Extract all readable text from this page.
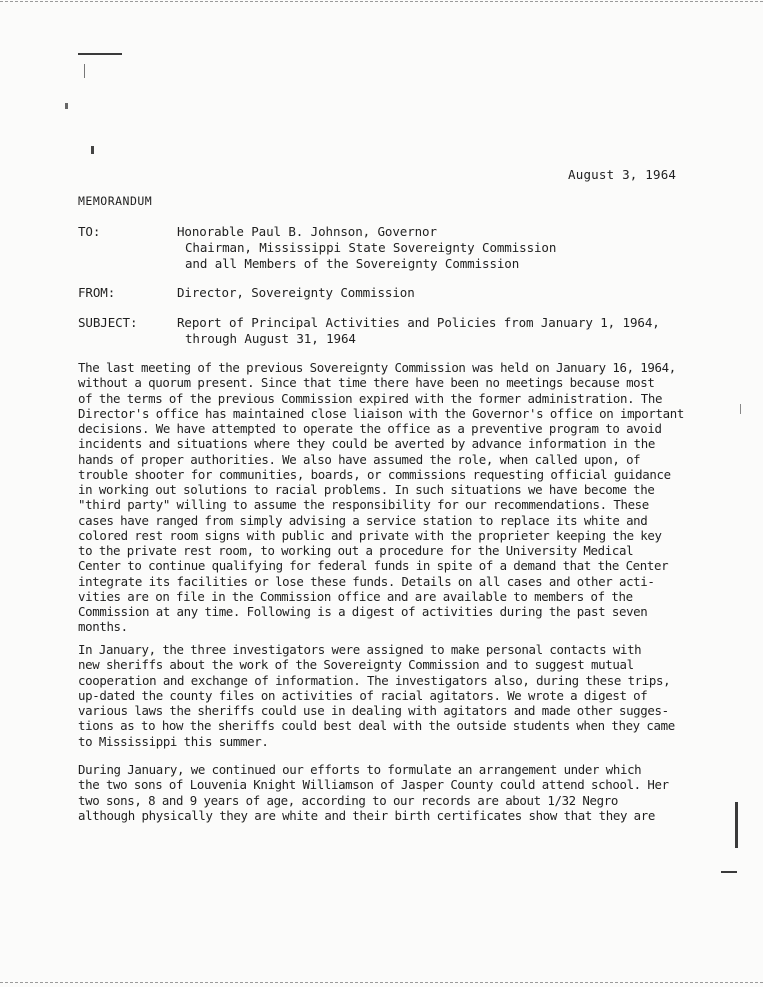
August 3, 1964
MEMORANDUM
TO:	Honorable Paul B. Johnson, Governor
Chairman, Mississippi State Sovereignty Commission
and all Members of the Sovereignty Commission
FROM:	Director, Sovereignty Commission
SUBJECT:	Report of Principal Activities and Policies from January 1, 1964,
through August 31, 1964
The last meeting of the previous Sovereignty Commission was held on January 16, 1964,
without a quorum present. Since that time there have been no meetings because most
of the terms of the previous Commission expired with the former administration. The
Director's office has maintained close liaison with the Governor's office on important
decisions. We have attempted to operate the office as a preventive program to avoid
incidents and situations where they could be averted by advance information in the
hands of proper authorities. We also have assumed the role, when called upon, of
trouble shooter for communities, boards, or commissions requesting official guidance
in working out solutions to racial problems. In such situations we have become the
"third party" willing to assume the responsibility for our recommendations. These
cases have ranged from simply advising a service station to replace its white and
colored rest room signs with public and private with the proprieter keeping the key
to the private rest room, to working out a procedure for the University Medical
Center to continue qualifying for federal funds in spite of a demand that the Center
integrate its facilities or lose these funds. Details on all cases and other acti-
vities are on file in the Commission office and are available to members of the
Commission at any time. Following is a digest of activities during the past seven
months.
In January, the three investigators were assigned to make personal contacts with
new sheriffs about the work of the Sovereignty Commission and to suggest mutual
cooperation and exchange of information. The investigators also, during these trips,
up-dated the county files on activities of racial agitators. We wrote a digest of
various laws the sheriffs could use in dealing with agitators and made other sugges-
tions as to how the sheriffs could best deal with the outside students when they came
to Mississippi this summer.
During January, we continued our efforts to formulate an arrangement under which
the two sons of Louvenia Knight Williamson of Jasper County could attend school. Her
two sons, 8 and 9 years of age, according to our records are about 1/32 Negro
although physically they are white and their birth certificates show that they are
